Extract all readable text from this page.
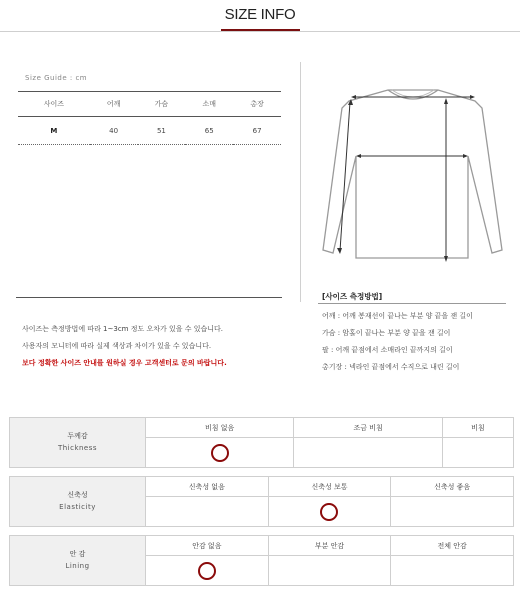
SIZE INFO
Size Guide : cm
사이즈	어깨	가슴	소매	총장
M	40	51	65	67
사이즈는 측정방법에 따라 1~3cm 정도 오차가 있을 수 있습니다.
사용자의 모니터에 따라 실제 색상과 차이가 있을 수 있습니다.
보다 정확한 사이즈 안내를 원하실 경우 고객센터로 문의 바랍니다.
[사이즈 측정방법]
어깨 : 어깨 봉재선이 끝나는 부분 양 끝을 잰 길이
가슴 : 암홀이 끝나는 부분 양 끝을 잰 길이
팔 : 어깨 끝점에서 소매라인 끝까지의 길이
총기장 : 넥라인 끝점에서 수직으로 내린 길이
두께감
Thickness	비침 없음	조금 비침	비침

신축성
Elasticity	신축성 없음	신축성 보통	신축성 좋음

안 감
Lining	안감 없음	부분 안감	전체 안감
